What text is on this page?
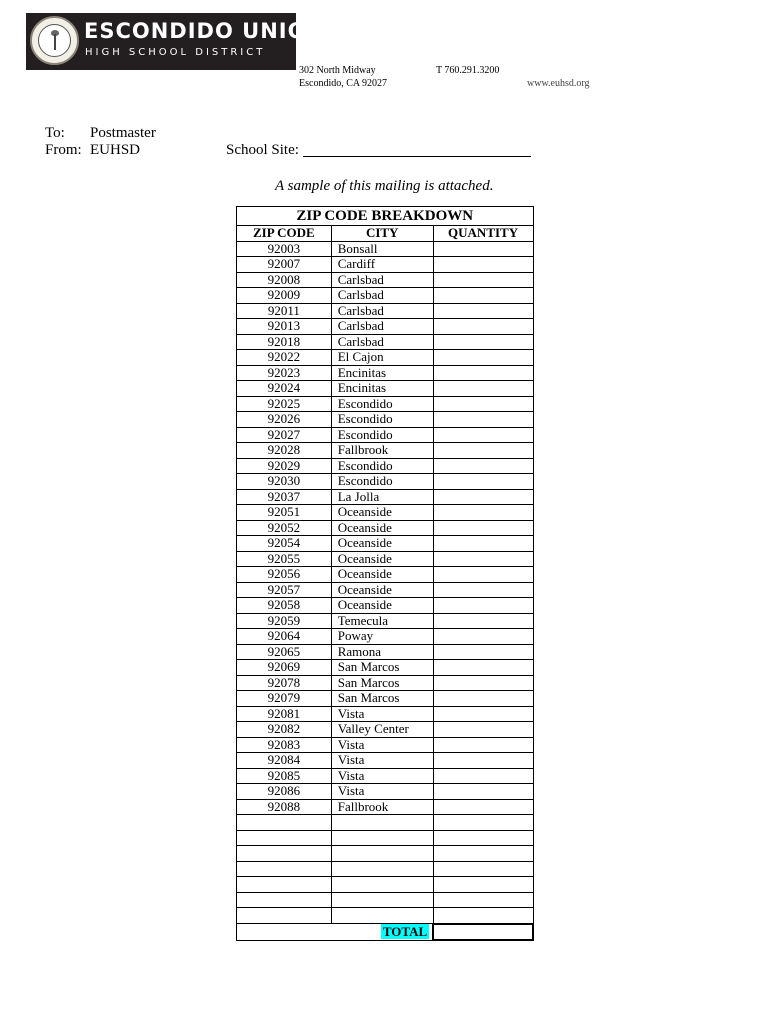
ESCONDIDO UNION
HIGH SCHOOL DISTRICT
302 North Midway
Escondido, CA 92027
T 760.291.3200
www.euhsd.org
To: Postmaster
From: EUHSD	School Site:
A sample of this mailing is attached.
ZIP CODE BREAKDOWN		
ZIP CODE	CITY	QUANTITY
92003	Bonsall	
92007	Cardiff	
92008	Carlsbad	
92009	Carlsbad	
92011	Carlsbad	
92013	Carlsbad	
92018	Carlsbad	
92022	El Cajon	
92023	Encinitas	
92024	Encinitas	
92025	Escondido	
92026	Escondido	
92027	Escondido	
92028	Fallbrook	
92029	Escondido	
92030	Escondido	
92037	La Jolla	
92051	Oceanside	
92052	Oceanside	
92054	Oceanside	
92055	Oceanside	
92056	Oceanside	
92057	Oceanside	
92058	Oceanside	
92059	Temecula	
92064	Poway	
92065	Ramona	
92069	San Marcos	
92078	San Marcos	
92079	San Marcos	
92081	Vista	
92082	Valley Center	
92083	Vista	
92084	Vista	
92085	Vista	
92086	Vista	
92088	Fallbrook	

	TOTAL	
